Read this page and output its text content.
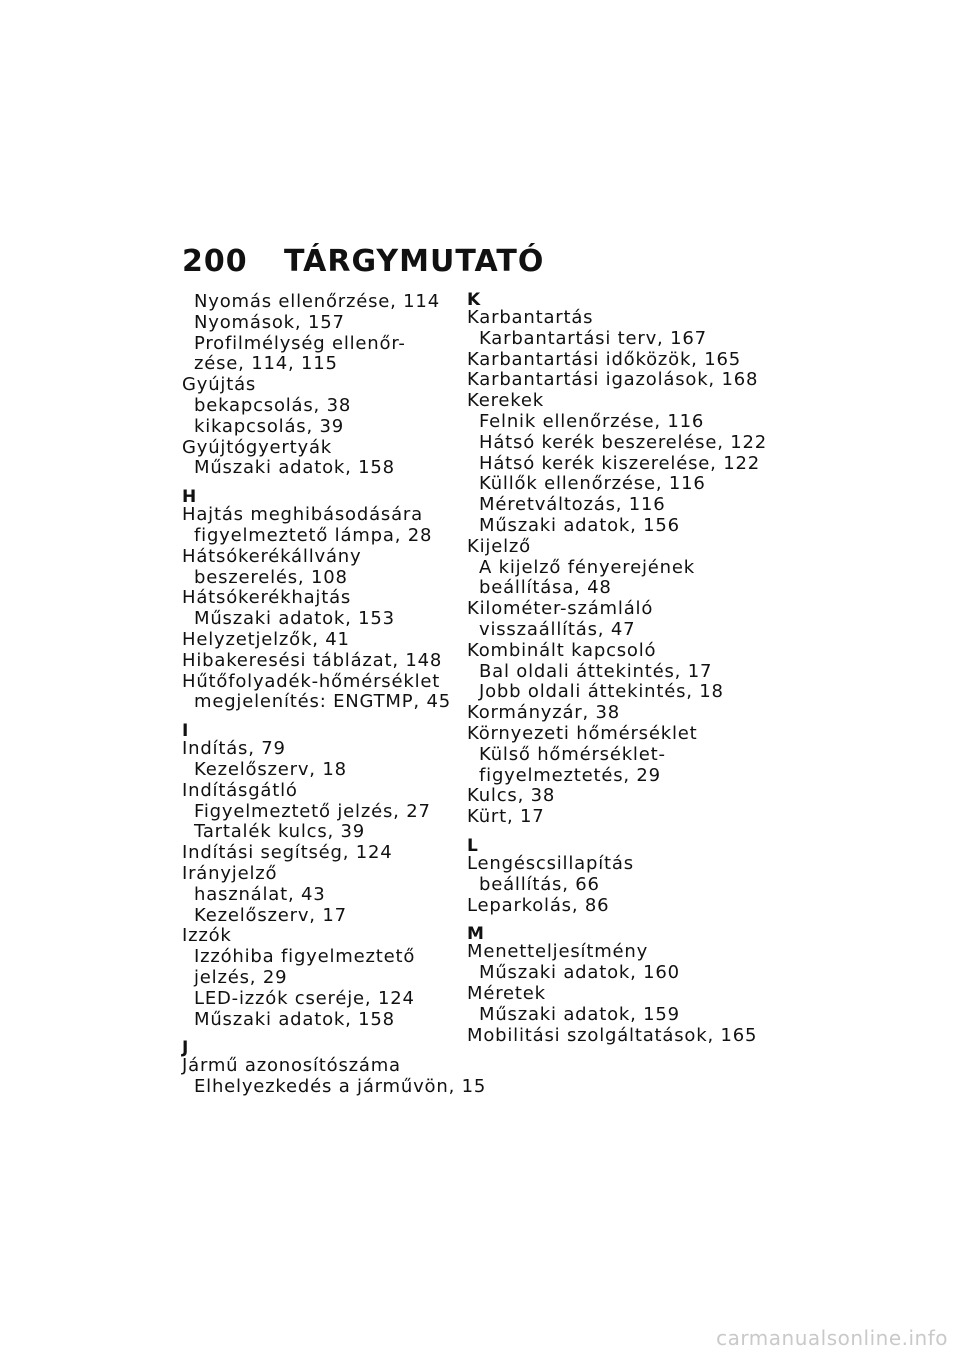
200	TÁRGYMUTATÓ
Nyomás ellenőrzése, 114
Nyomások, 157
Profilmélység ellenőr-
zése, 114, 115
Gyújtás
bekapcsolás, 38
kikapcsolás, 39
Gyújtógyertyák
Műszaki adatok, 158
H
Hajtás meghibásodására
figyelmeztető lámpa, 28
Hátsókerékállvány
beszerelés, 108
Hátsókerékhajtás
Műszaki adatok, 153
Helyzetjelzők, 41
Hibakeresési táblázat, 148
Hűtőfolyadék-hőmérséklet
megjelenítés: ENGTMP, 45
I
Indítás, 79
Kezelőszerv, 18
Indításgátló
Figyelmeztető jelzés, 27
Tartalék kulcs, 39
Indítási segítség, 124
Irányjelző
használat, 43
Kezelőszerv, 17
Izzók
Izzóhiba figyelmeztető
jelzés, 29
LED-izzók cseréje, 124
Műszaki adatok, 158
J
Jármű azonosítószáma
Elhelyezkedés a járművön, 15
K
Karbantartás
Karbantartási terv, 167
Karbantartási időközök, 165
Karbantartási igazolások, 168
Kerekek
Felnik ellenőrzése, 116
Hátsó kerék beszerelése, 122
Hátsó kerék kiszerelése, 122
Küllők ellenőrzése, 116
Méretváltozás, 116
Műszaki adatok, 156
Kijelző
A kijelző fényerejének
beállítása, 48
Kilométer-számláló
visszaállítás, 47
Kombinált kapcsoló
Bal oldali áttekintés, 17
Jobb oldali áttekintés, 18
Kormányzár, 38
Környezeti hőmérséklet
Külső hőmérséklet-
figyelmeztetés, 29
Kulcs, 38
Kürt, 17
L
Lengéscsillapítás
beállítás, 66
Leparkolás, 86
M
Menetteljesítmény
Műszaki adatok, 160
Méretek
Műszaki adatok, 159
Mobilitási szolgáltatások, 165
carmanualsonline.info
